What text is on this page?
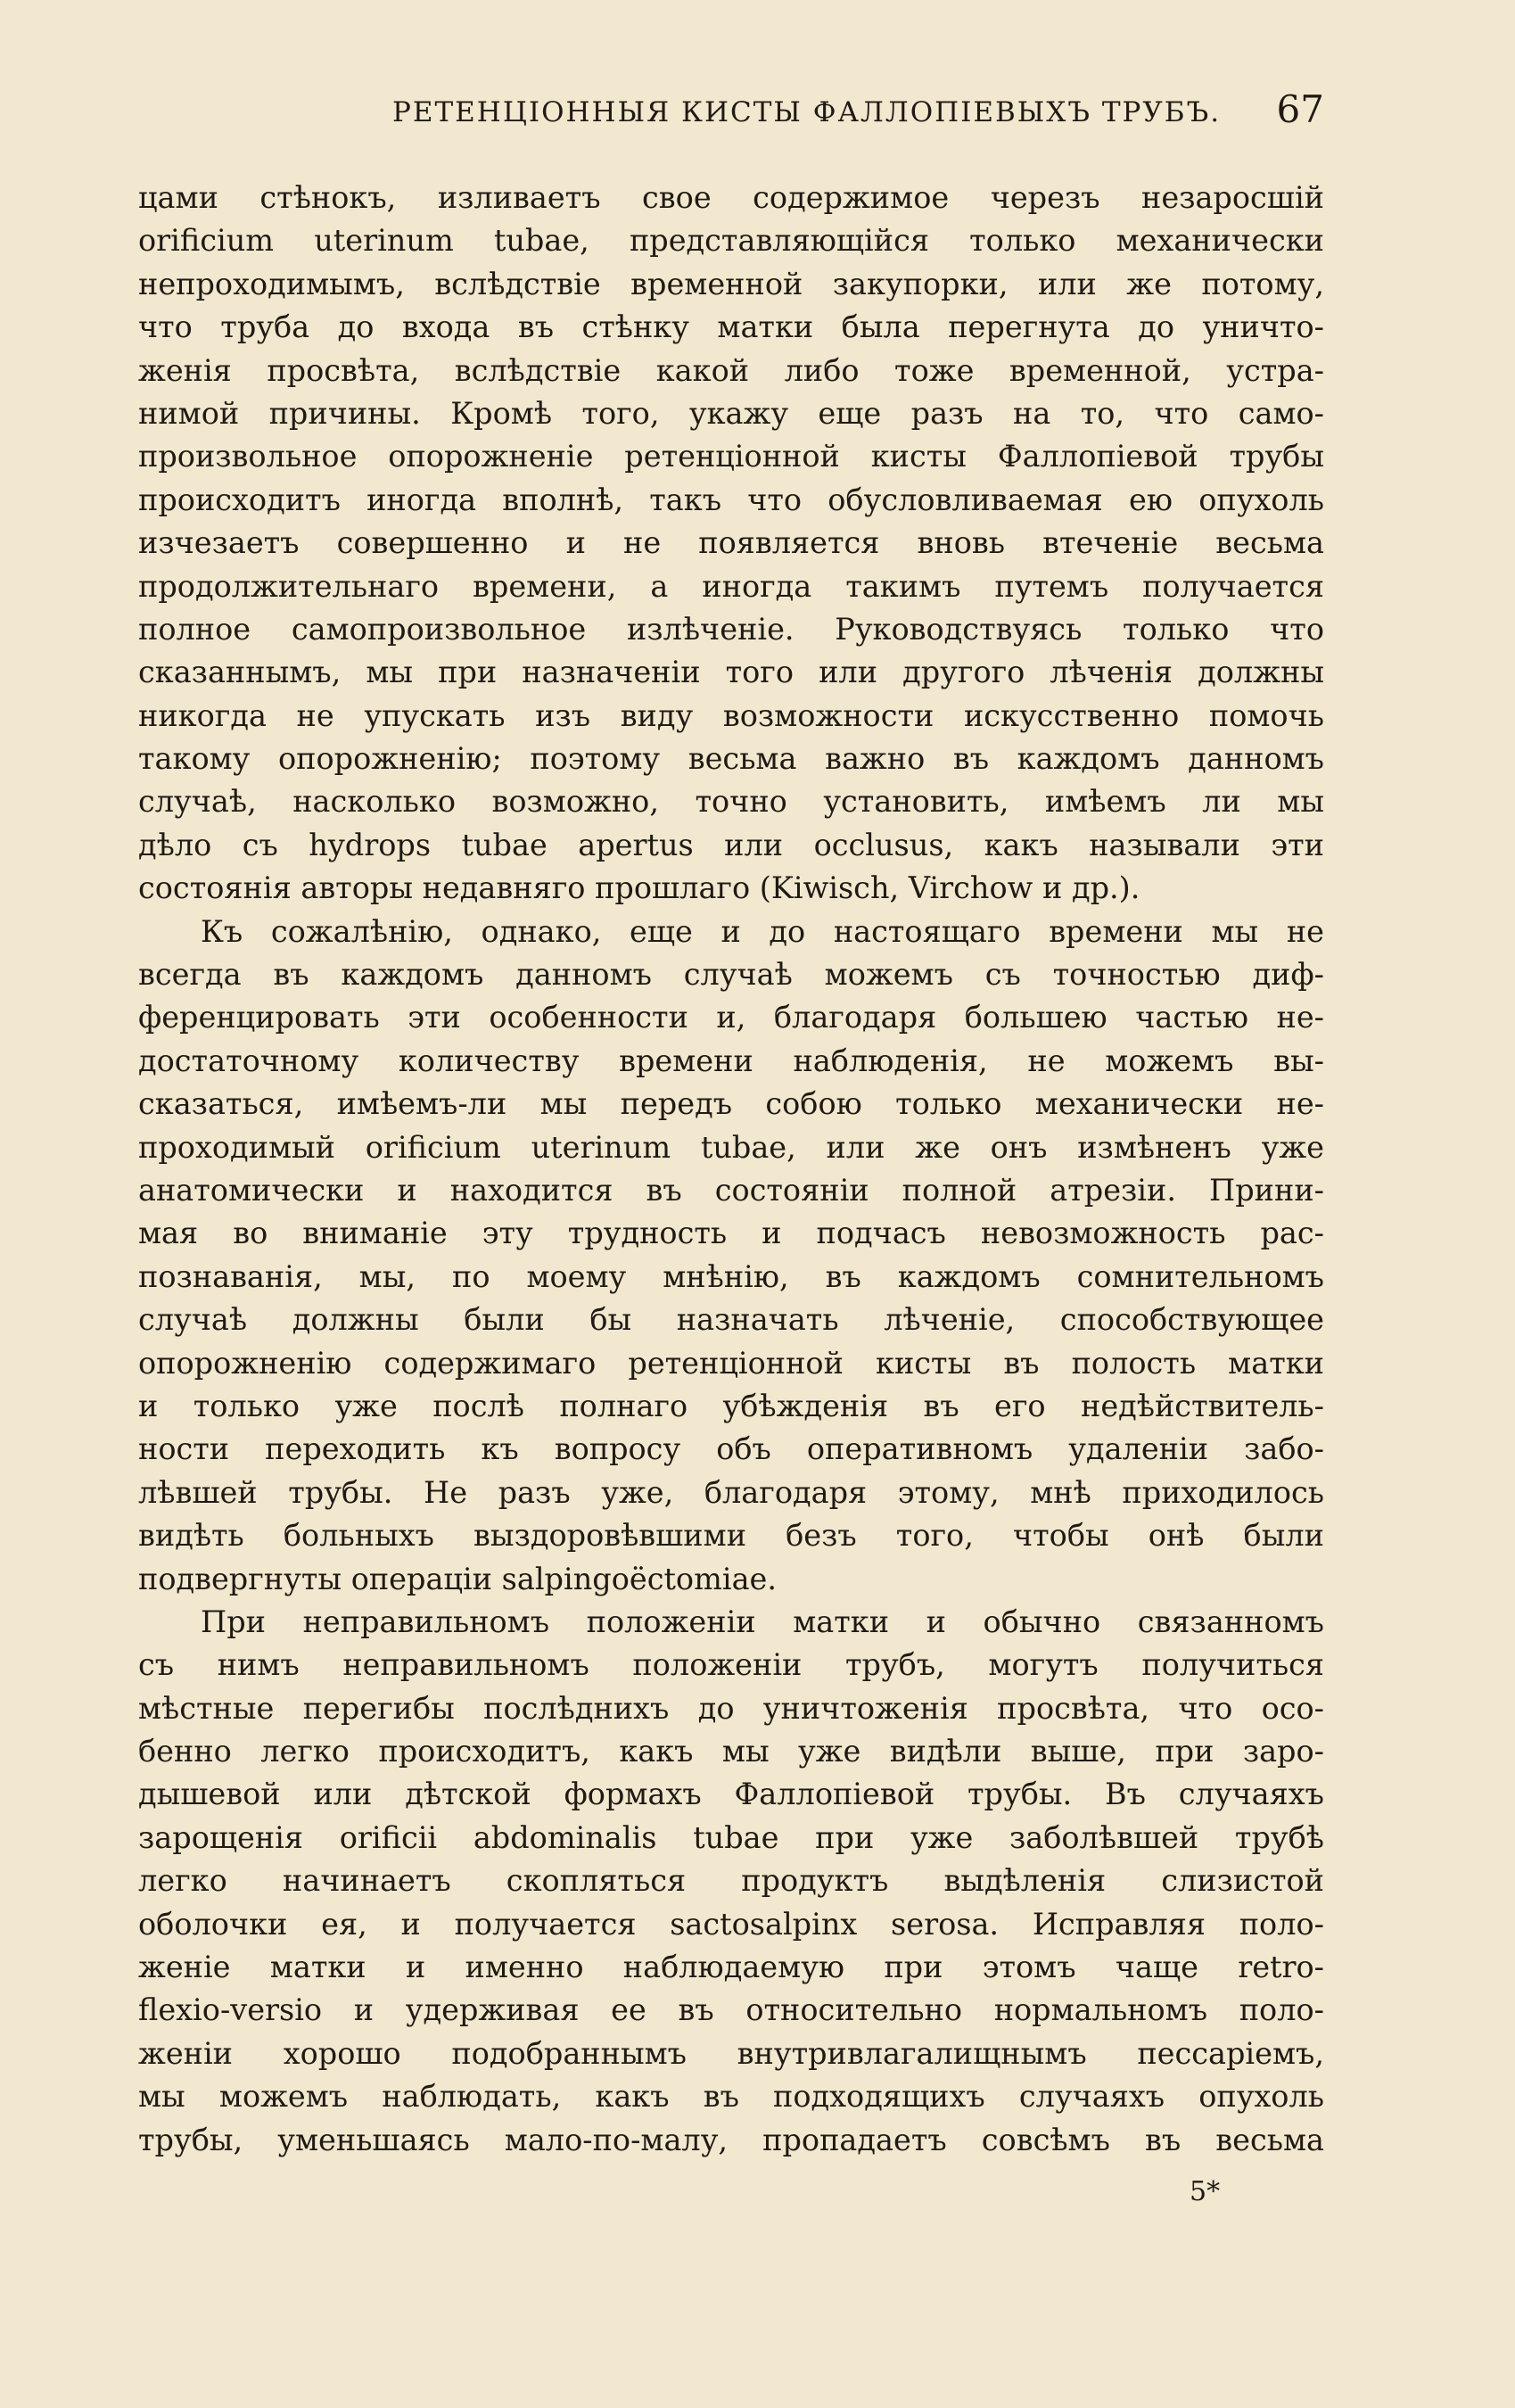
РЕТЕНЦІОННЫЯ КИСТЫ ФАЛЛОПІЕВЫХЪ ТРУБЪ. 67
цами стѣнокъ, изливаетъ свое содержимое черезъ незаросшій
orificium uterinum tubae, представляющійся только механически
непроходимымъ, вслѣдствіе временной закупорки, или же потому,
что труба до входа въ стѣнку матки была перегнута до уничто-
женія просвѣта, вслѣдствіе какой либо тоже временной, устра-
нимой причины. Кромѣ того, укажу еще разъ на то, что само-
произвольное опорожненіе ретенціонной кисты Фаллопіевой трубы
происходитъ иногда вполнѣ, такъ что обусловливаемая ею опухоль
изчезаетъ совершенно и не появляется вновь втеченіе весьма
продолжительнаго времени, а иногда такимъ путемъ получается
полное самопроизвольное излѣченіе. Руководствуясь только что
сказаннымъ, мы при назначеніи того или другого лѣченія должны
никогда не упускать изъ виду возможности искусственно помочь
такому опорожненію; поэтому весьма важно въ каждомъ данномъ
случаѣ, насколько возможно, точно установить, имѣемъ ли мы
дѣло съ hydrops tubae apertus или occlusus, какъ называли эти
состоянія авторы недавняго прошлаго (Kiwisch, Virchow и др.).
Къ сожалѣнію, однако, еще и до настоящаго времени мы не
всегда въ каждомъ данномъ случаѣ можемъ съ точностью диф-
ференцировать эти особенности и, благодаря большею частью не-
достаточному количеству времени наблюденія, не можемъ вы-
сказаться, имѣемъ-ли мы передъ собою только механически не-
проходимый orificium uterinum tubae, или же онъ измѣненъ уже
анатомически и находится въ состояніи полной атрезіи. Прини-
мая во вниманіе эту трудность и подчасъ невозможность рас-
познаванія, мы, по моему мнѣнію, въ каждомъ сомнительномъ
случаѣ должны были бы назначать лѣченіе, способствующее
опорожненію содержимаго ретенціонной кисты въ полость матки
и только уже послѣ полнаго убѣжденія въ его недѣйствитель-
ности переходить къ вопросу объ оперативномъ удаленіи забо-
лѣвшей трубы. Не разъ уже, благодаря этому, мнѣ приходилось
видѣть больныхъ выздоровѣвшими безъ того, чтобы онѣ были
подвергнуты операціи salpingoëctomiae.
При неправильномъ положеніи матки и обычно связанномъ
съ нимъ неправильномъ положеніи трубъ, могутъ получиться
мѣстные перегибы послѣднихъ до уничтоженія просвѣта, что осо-
бенно легко происходитъ, какъ мы уже видѣли выше, при заро-
дышевой или дѣтской формахъ Фаллопіевой трубы. Въ случаяхъ
зарощенія orificii abdominalis tubae при уже заболѣвшей трубѣ
легко начинаетъ скопляться продуктъ выдѣленія слизистой
оболочки ея, и получается sactosalpinx serosa. Исправляя поло-
женіе матки и именно наблюдаемую при этомъ чаще retro-
flexio-versio и удерживая ее въ относительно нормальномъ поло-
женіи хорошо подобраннымъ внутривлагалищнымъ пессаріемъ,
мы можемъ наблюдать, какъ въ подходящихъ случаяхъ опухоль
трубы, уменьшаясь мало-по-малу, пропадаетъ совсѣмъ въ весьма
5*
